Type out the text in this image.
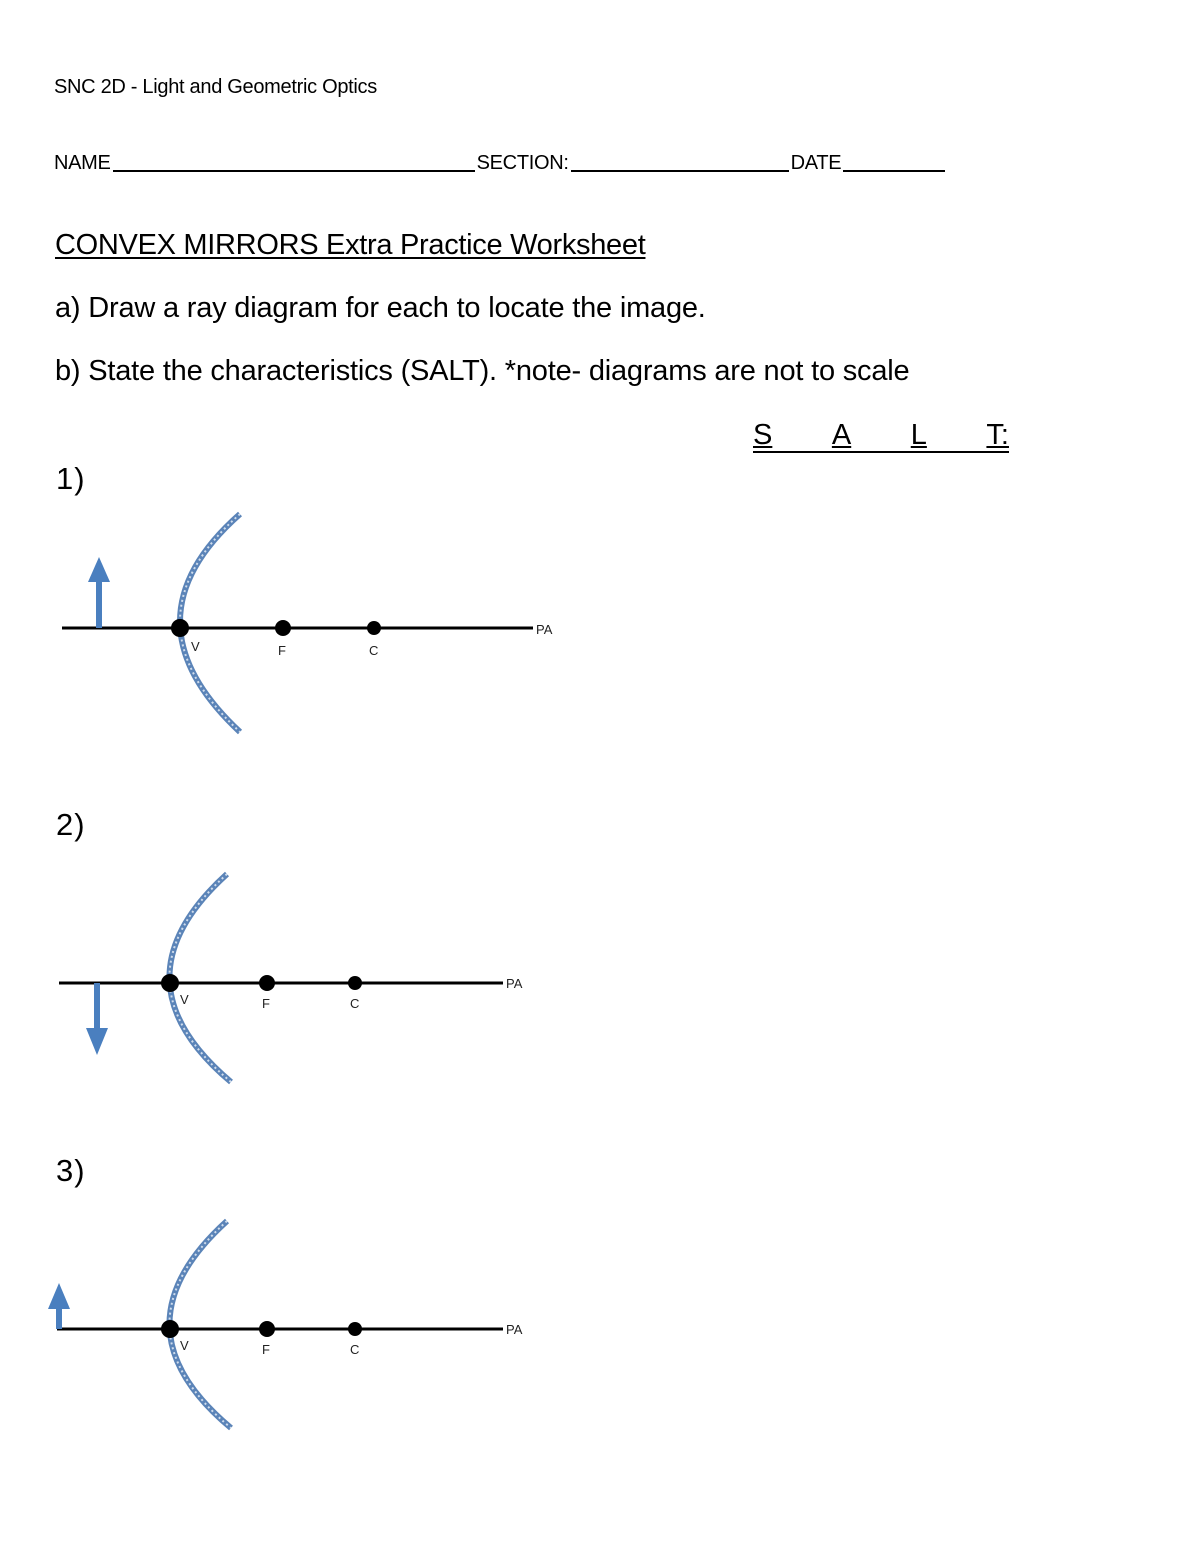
SNC 2D - Light and Geometric Optics
NAME	SECTION:	DATE
CONVEX MIRRORS Extra Practice Worksheet
a) Draw a ray diagram for each to locate the image.
b) State the characteristics (SALT). *note- diagrams are not to scale
S A L T:
1)
V	F	C
PA
2)
V	F	C
PA
3)
V	F	C
PA
